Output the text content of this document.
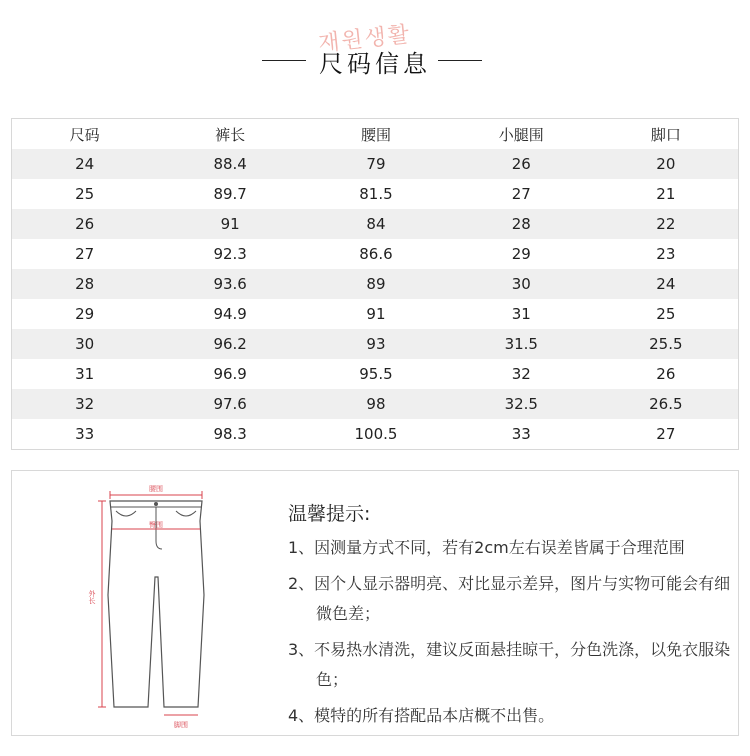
재원생활
尺码信息
尺码	裤长	腰围	小腿围	脚口
24	88.4	79	26	20
25	89.7	81.5	27	21
26	91	84	28	22
27	92.3	86.6	29	23
28	93.6	89	30	24
29	94.9	91	31	25
30	96.2	93	31.5	25.5
31	96.9	95.5	32	26
32	97.6	98	32.5	26.5
33	98.3	100.5	33	27
腰围
臀围
外长
脚围
温馨提示:
1、因测量方式不同，若有2cm左右误差皆属于合理范围
2、因个人显示器明亮、对比显示差异，图片与实物可能会有细微色差；
3、不易热水清洗，建议反面悬挂晾干，分色洗涤，以免衣服染色；
4、模特的所有搭配品本店概不出售。
